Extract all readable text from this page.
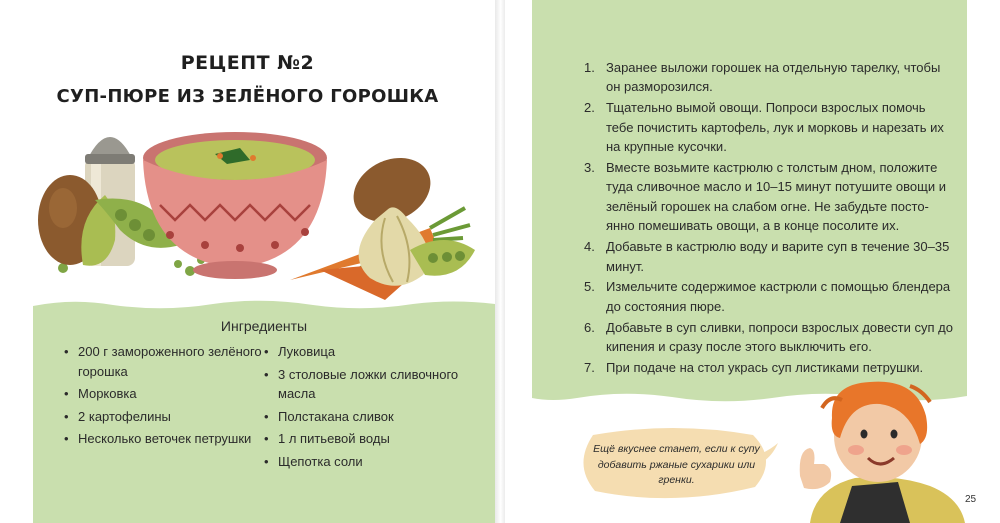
РЕЦЕПТ №2
СУП-ПЮРЕ ИЗ ЗЕЛЁНОГО ГОРОШКА
Ингредиенты
• 200 г замороженного зелёного горошка
• Морковка
• 2 картофелины
• Несколько веточек петрушки
• Луковица
• 3 столовые ложки сливочного масла
• Полстакана сливок
• 1 л питьевой воды
• Щепотка соли
1. Заранее выложи горошек на отдельную тарелку, чтобы он разморозился.
2. Тщательно вымой овощи. Попроси взрослых помочь тебе почистить картофель, лук и морковь и нарезать их на крупные кусочки.
3. Вместе возьмите кастрюлю с толстым дном, положите туда сливочное масло и 10–15 минут потушите овощи и зелёный горошек на слабом огне. Не забудьте посто-янно помешивать овощи, а в конце посолите их.
4. Добавьте в кастрюлю воду и варите суп в течение 30–35 минут.
5. Измельчите содержимое кастрюли с помощью блендера до состояния пюре.
6. Добавьте в суп сливки, попроси взрослых довести суп до кипения и сразу после этого выключить его.
7. При подаче на стол укрась суп листиками петрушки.
Ещё вкуснее станет, если к супу добавить ржаные сухарики или гренки.
25
